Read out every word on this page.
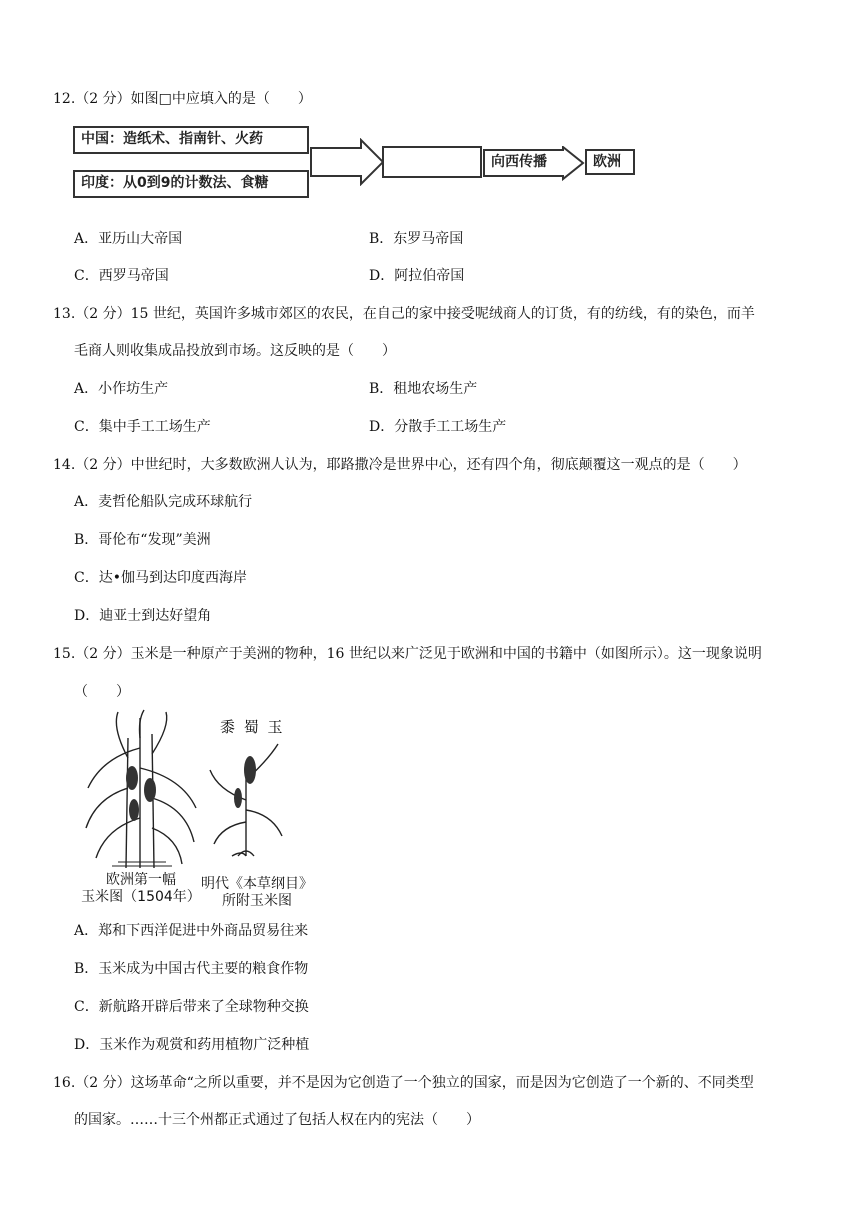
12.（2 分）如图□中应填入的是（　　）
中国：造纸术、指南针、火药
印度：从0到9的计数法、食糖
向西传播	欧洲
A．亚历山大帝国	B．东罗马帝国
C．西罗马帝国	D．阿拉伯帝国
13.（2 分）15 世纪，英国许多城市郊区的农民，在自己的家中接受呢绒商人的订货，有的纺线，有的染色，而羊
毛商人则收集成品投放到市场。这反映的是（　　）
A．小作坊生产	B．租地农场生产
C．集中手工工场生产	D．分散手工工场生产
14.（2 分）中世纪时，大多数欧洲人认为，耶路撒冷是世界中心，还有四个角，彻底颠覆这一观点的是（　　）
A．麦哲伦船队完成环球航行
B．哥伦布“发现”美洲
C．达•伽马到达印度西海岸
D．迪亚士到达好望角
15.（2 分）玉米是一种原产于美洲的物种，16 世纪以来广泛见于欧洲和中国的书籍中（如图所示）。这一现象说明
（　　）
黍 蜀 玉
欧洲第一幅
玉米图（1504年）
明代《本草纲目》
所附玉米图
A．郑和下西洋促进中外商品贸易往来
B．玉米成为中国古代主要的粮食作物
C．新航路开辟后带来了全球物种交换
D．玉米作为观赏和药用植物广泛种植
16.（2 分）这场革命“之所以重要，并不是因为它创造了一个独立的国家，而是因为它创造了一个新的、不同类型
的国家。……十三个州都正式通过了包括人权在内的宪法（　　）
